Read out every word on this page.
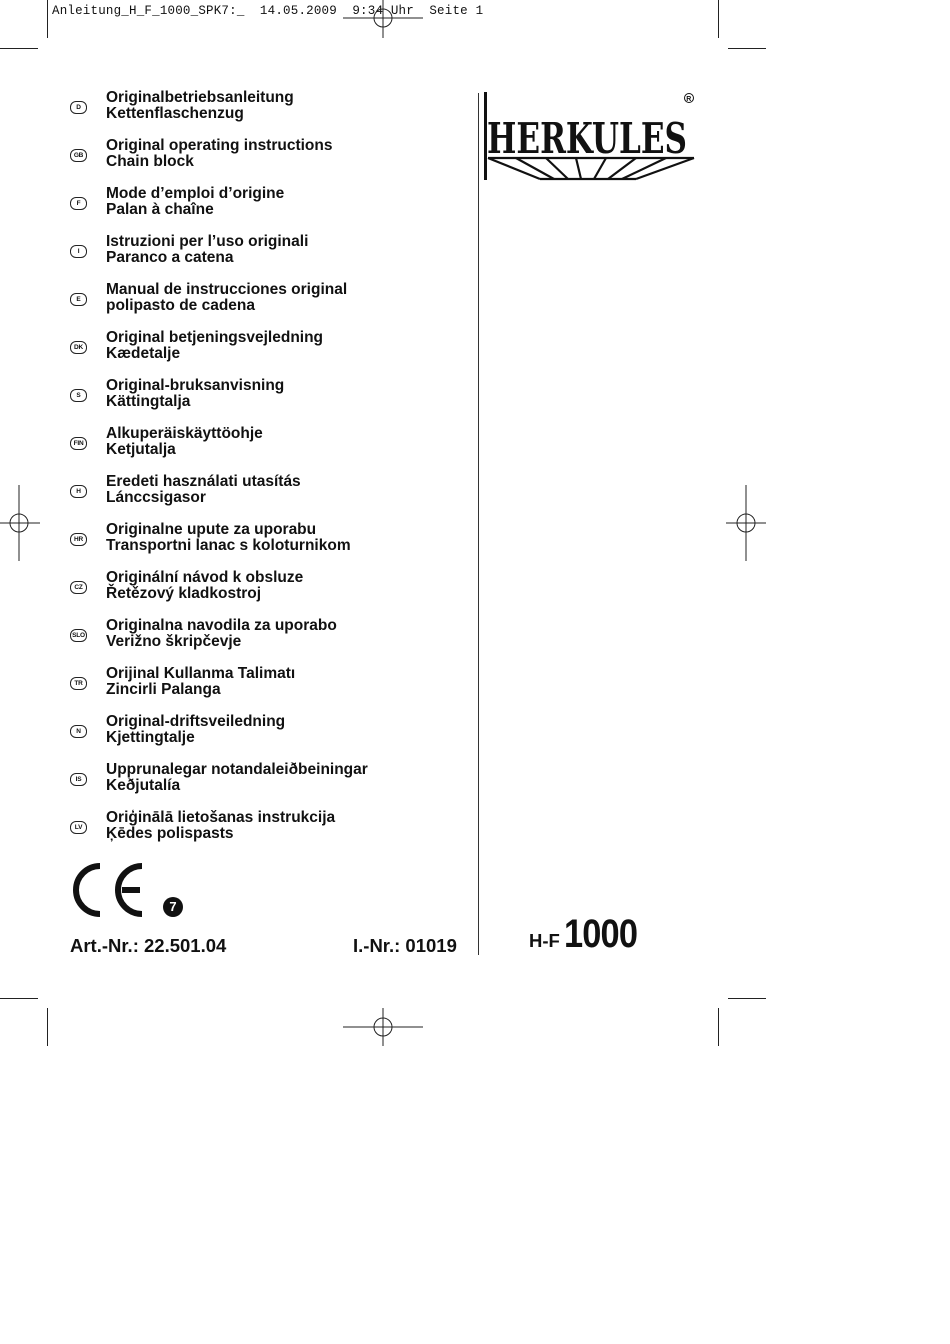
Anleitung_H_F_1000_SPK7:_  14.05.2009  9:34 Uhr  Seite 1
D
Originalbetriebsanleitung
Kettenflaschenzug
GB
Original operating instructions
Chain block
F
Mode d’emploi d’origine
Palan à chaîne
I
Istruzioni per l’uso originali
Paranco a catena
E
Manual de instrucciones original
polipasto de cadena
DK
Original betjeningsvejledning
Kædetalje
S
Original-bruksanvisning
Kättingtalja
FIN
Alkuperäiskäyttöohje
Ketjutalja
H
Eredeti használati utasítás
Lánccsigasor
HR
Originalne upute za uporabu
Transportni lanac s koloturnikom
CZ
Originální návod k obsluze
Řetězový kladkostroj
SLO
Originalna navodila za uporabo
Verižno škripčevje
TR
Orijinal Kullanma Talimatı
Zincirli Palanga
N
Original-driftsveiledning
Kjettingtalje
IS
Upprunalegar notandaleiðbeiningar
Keðjutalía
LV
Oriģinālā lietošanas instrukcija
Ķēdes polispasts
HERKULES
R
7
Art.-Nr.: 22.501.04	I.-Nr.: 01019	H-F 1000
